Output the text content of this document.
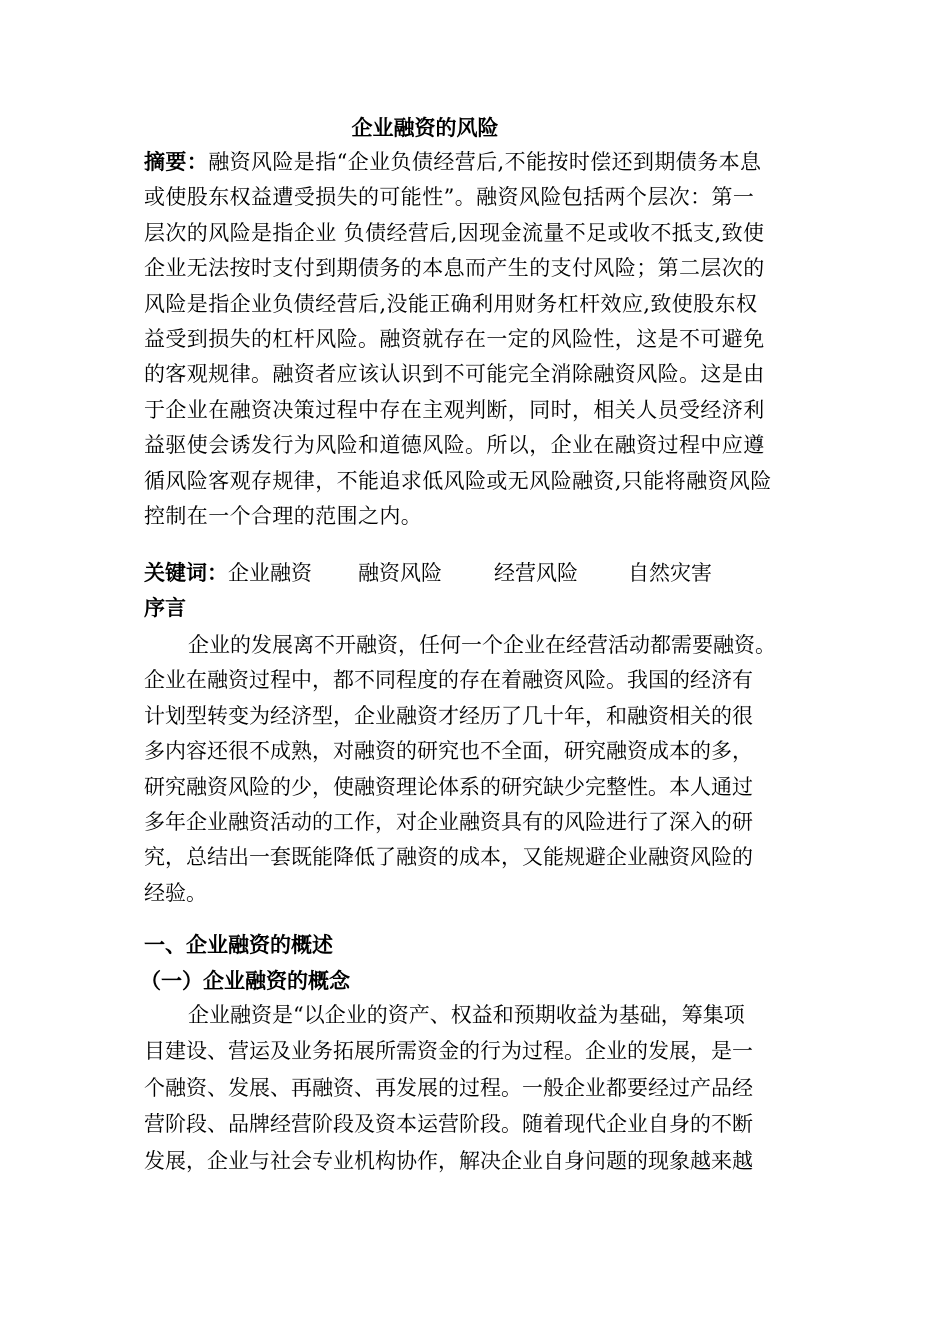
企业融资的风险
摘要：融资风险是指“企业负债经营后,不能按时偿还到期债务本息
或使股东权益遭受损失的可能性”。融资风险包括两个层次：第一
层次的风险是指企业 负债经营后,因现金流量不足或收不抵支,致使
企业无法按时支付到期债务的本息而产生的支付风险；第二层次的
风险是指企业负债经营后,没能正确利用财务杠杆效应,致使股东权
益受到损失的杠杆风险。融资就存在一定的风险性，这是不可避免
的客观规律。融资者应该认识到不可能完全消除融资风险。这是由
于企业在融资决策过程中存在主观判断，同时，相关人员受经济利
益驱使会诱发行为风险和道德风险。所以，企业在融资过程中应遵
循风险客观存规律，不能追求低风险或无风险融资,只能将融资风险
控制在一个合理的范围之内。
关键词：企业融资 融资风险 经营风险 自然灾害
序言
企业的发展离不开融资，任何一个企业在经营活动都需要融资。
企业在融资过程中，都不同程度的存在着融资风险。我国的经济有
计划型转变为经济型，企业融资才经历了几十年，和融资相关的很
多内容还很不成熟，对融资的研究也不全面，研究融资成本的多，
研究融资风险的少，使融资理论体系的研究缺少完整性。本人通过
多年企业融资活动的工作，对企业融资具有的风险进行了深入的研
究，总结出一套既能降低了融资的成本，又能规避企业融资风险的
经验。
一、企业融资的概述
（一）企业融资的概念
企业融资是“以企业的资产、权益和预期收益为基础，筹集项
目建设、营运及业务拓展所需资金的行为过程。企业的发展，是一
个融资、发展、再融资、再发展的过程。一般企业都要经过产品经
营阶段、品牌经营阶段及资本运营阶段。随着现代企业自身的不断
发展，企业与社会专业机构协作，解决企业自身问题的现象越来越
